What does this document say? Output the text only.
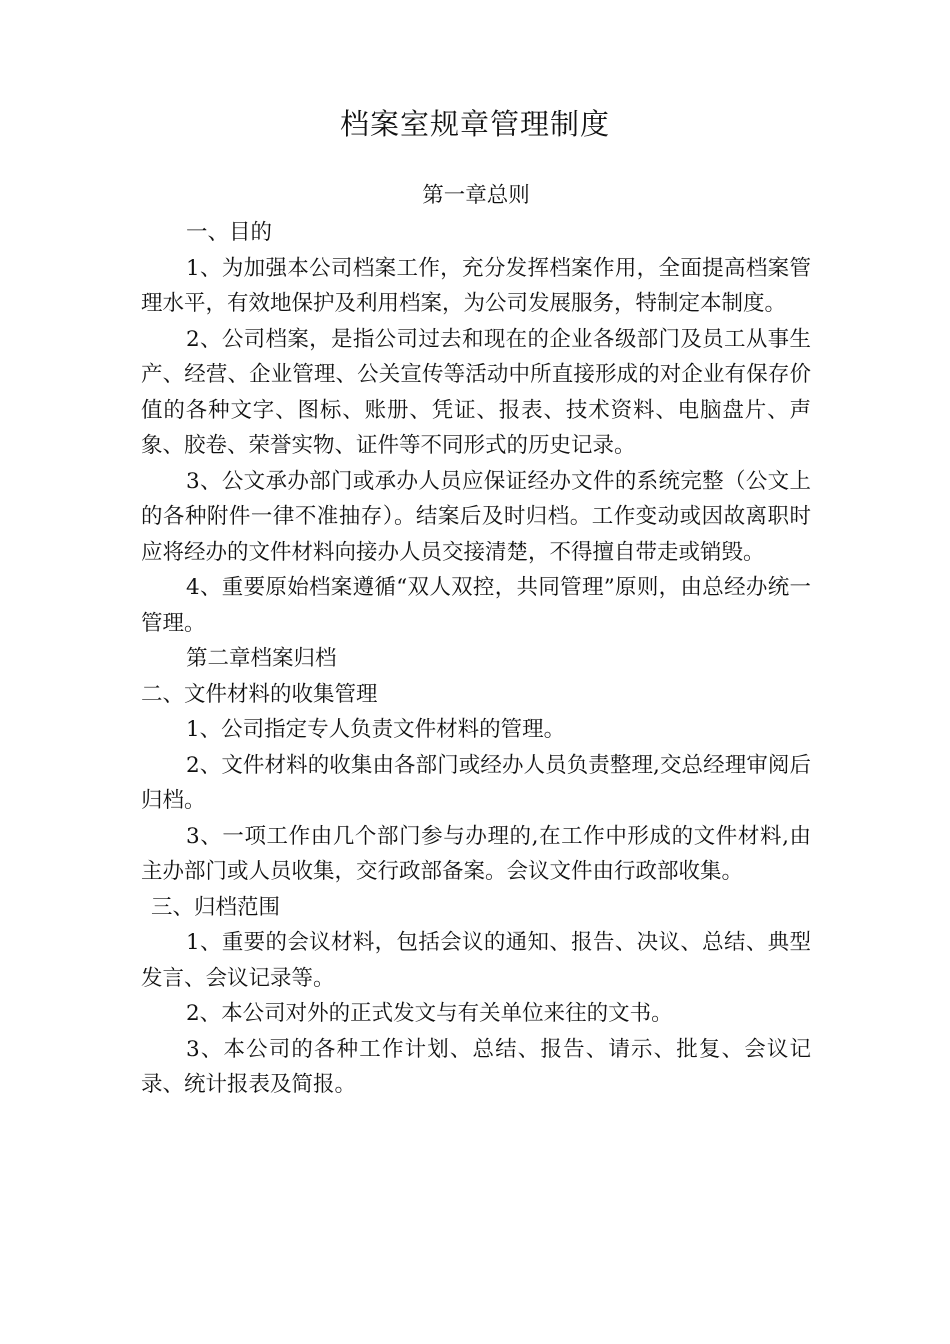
档案室规章管理制度

第一章总则

一、目的

1、为加强本公司档案工作，充分发挥档案作用，全面提高档案管理水平，有效地保护及利用档案，为公司发展服务，特制定本制度。

2、公司档案，是指公司过去和现在的企业各级部门及员工从事生产、经营、企业管理、公关宣传等活动中所直接形成的对企业有保存价值的各种文字、图标、账册、凭证、报表、技术资料、电脑盘片、声象、胶卷、荣誉实物、证件等不同形式的历史记录。

3、公文承办部门或承办人员应保证经办文件的系统完整（公文上的各种附件一律不准抽存）。结案后及时归档。工作变动或因故离职时应将经办的文件材料向接办人员交接清楚，不得擅自带走或销毁。

4、重要原始档案遵循“双人双控，共同管理”原则，由总经办统一管理。

第二章档案归档

二、文件材料的收集管理

1、公司指定专人负责文件材料的管理。

2、文件材料的收集由各部门或经办人员负责整理,交总经理审阅后归档。

3、一项工作由几个部门参与办理的,在工作中形成的文件材料,由主办部门或人员收集，交行政部备案。会议文件由行政部收集。

三、归档范围

1、重要的会议材料，包括会议的通知、报告、决议、总结、典型发言、会议记录等。

2、本公司对外的正式发文与有关单位来往的文书。

3、本公司的各种工作计划、总结、报告、请示、批复、会议记录、统计报表及简报。
